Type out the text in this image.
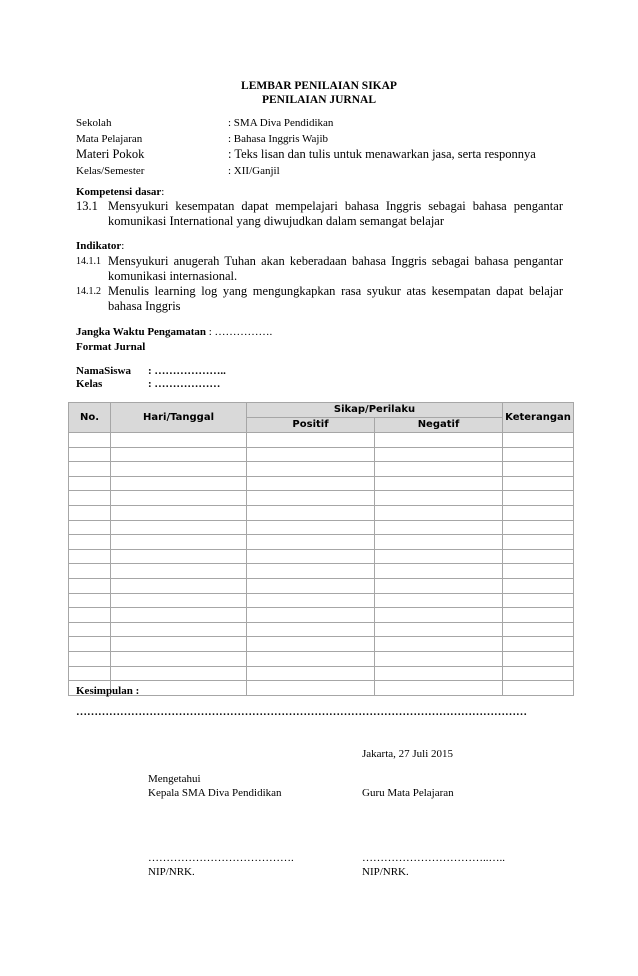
LEMBAR PENILAIAN SIKAP
PENILAIAN JURNAL
Sekolah	: SMA Diva Pendidikan
Mata Pelajaran	: Bahasa Inggris Wajib
Materi Pokok	: Teks lisan dan tulis untuk menawarkan jasa, serta responnya
Kelas/Semester	: XII/Ganjil
Kompetensi dasar:
13.1 Mensyukuri kesempatan dapat mempelajari bahasa Inggris sebagai bahasa pengantar
komunikasi International yang diwujudkan dalam semangat belajar
Indikator:
14.1.1 Mensyukuri anugerah Tuhan akan keberadaan bahasa Inggris sebagai bahasa pengantar
komunikasi internasional.
14.1.2 Menulis learning log yang mengungkapkan rasa syukur atas kesempatan dapat belajar
bahasa Inggris
Jangka Waktu Pengamatan : …………….
Format Jurnal
NamaSiswa : ………………..
Kelas	: ………………
No.	Hari/Tanggal	Sikap/Perilaku		Keterangan
		Positif	Negatif	

Kesimpulan :
……………………………………………………………………………………………………………
Jakarta, 27 Juli 2015
Mengetahui
Kepala SMA Diva Pendidikan	Guru Mata Pelajaran
………………………………….	……………………………..…..
NIP/NRK.	NIP/NRK.
